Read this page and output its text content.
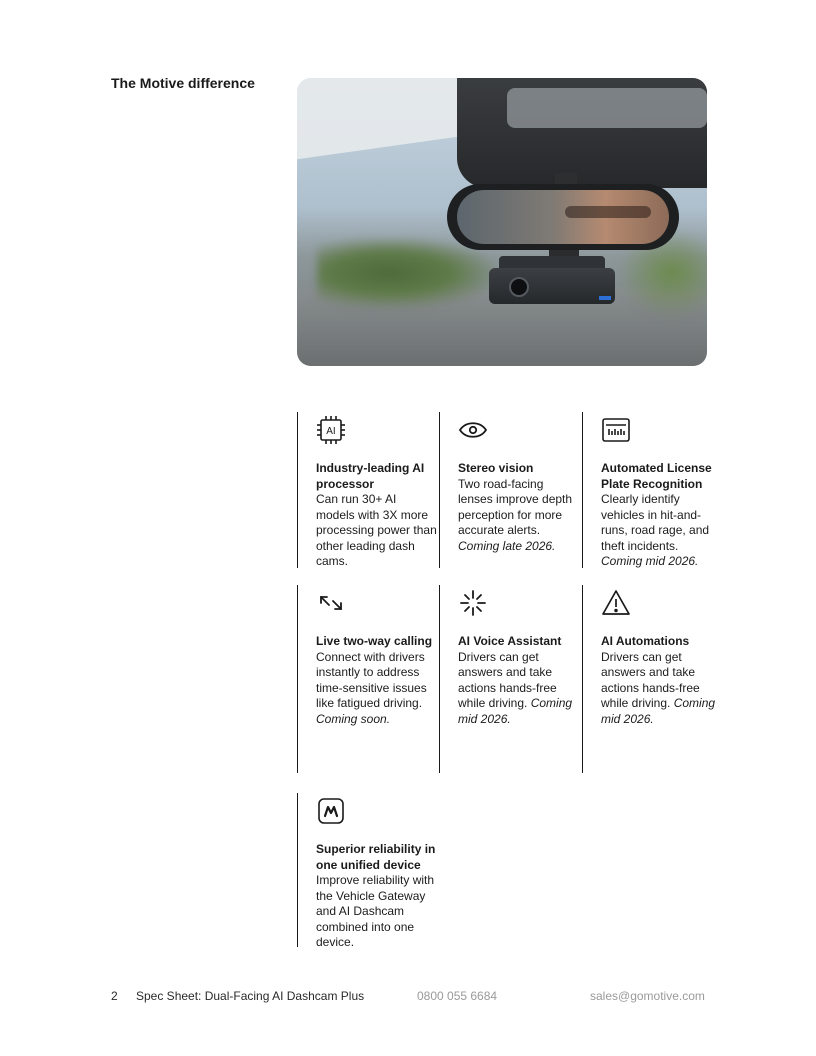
The Motive difference
AI
Industry-leading AI processor
Can run 30+ AI models with 3X more processing power than other leading dash cams.
Stereo vision
Two road-facing lenses improve depth perception for more accurate alerts. Coming late 2026.
Automated License Plate Recognition
Clearly identify vehicles in hit-and-runs, road rage, and theft incidents. Coming mid 2026.
Live two-way calling
Connect with drivers instantly to address time-sensitive issues like fatigued driving.
Coming soon.
AI Voice Assistant
Drivers can get answers and take actions hands-free while driving. Coming mid 2026.
AI Automations
Drivers can get answers and take actions hands-free while driving. Coming mid 2026.
Superior reliability in one unified device
Improve reliability with the Vehicle Gateway and AI Dashcam combined into one device.
2 Spec Sheet: Dual-Facing AI Dashcam Plus	0800 055 6684	sales@gomotive.com
